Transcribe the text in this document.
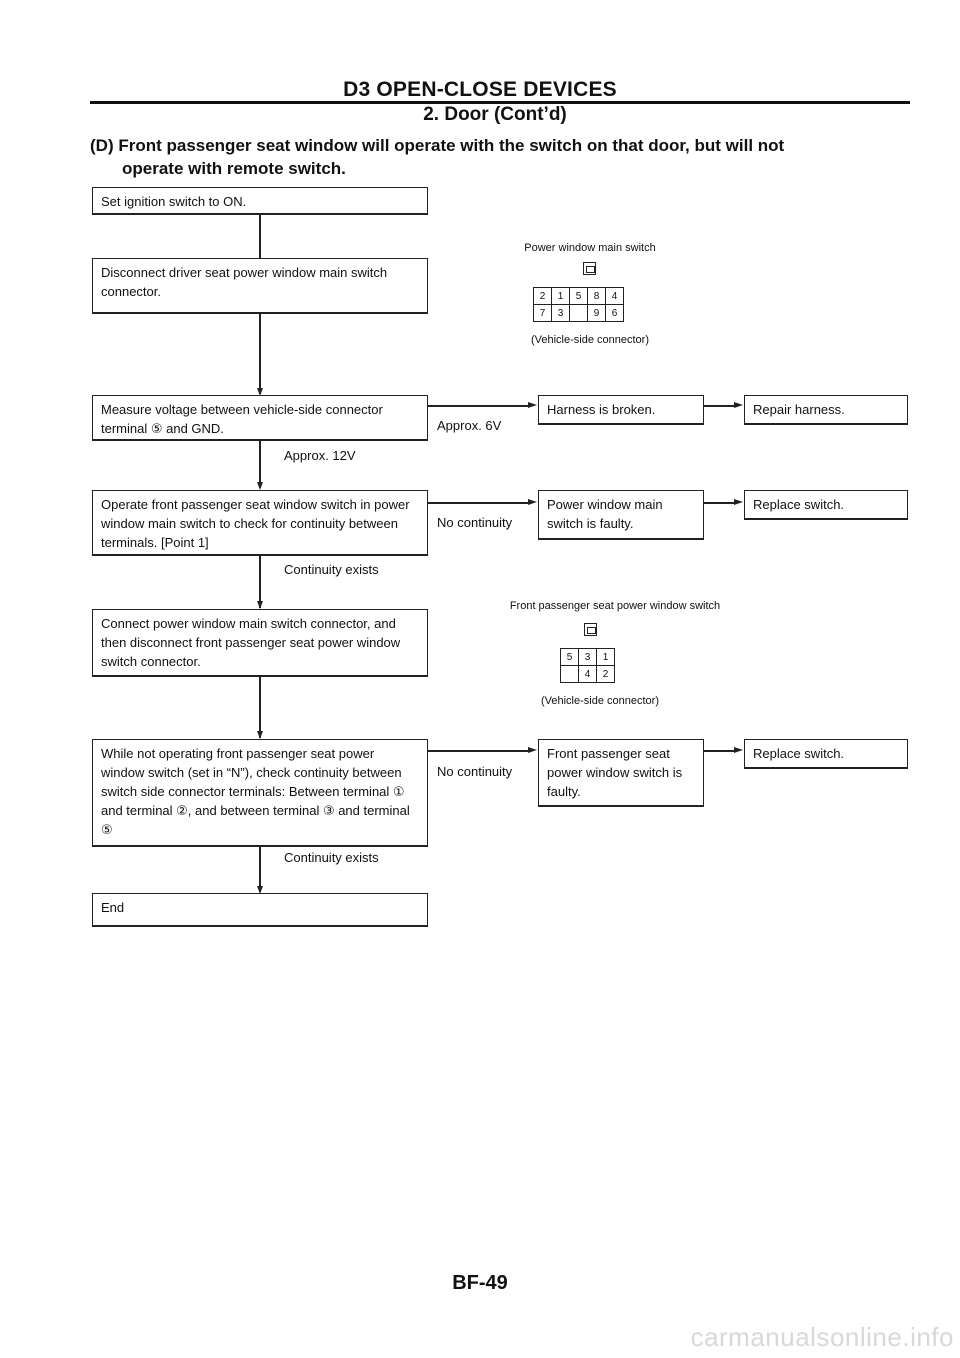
D3 OPEN-CLOSE DEVICES
2. Door (Cont’d)
(D) Front passenger seat window will operate with the switch on that door, but will not
operate with remote switch.
Set ignition switch to ON.
Disconnect driver seat power window main switch connector.
Measure voltage between vehicle-side connector terminal ⑤ and GND.
Operate front passenger seat window switch in power window main switch to check for continuity between terminals. [Point 1]
Connect power window main switch connector, and then disconnect front passenger seat power window switch connector.
While not operating front passenger seat power window switch (set in “N”), check continuity between switch side connector terminals: Between terminal ① and terminal ②, and between terminal ③ and terminal ⑤
End
Approx. 12V
Continuity exists
Continuity exists
Approx. 6V
Harness is broken.	Repair harness.
No continuity
Power window main switch is faulty.
Replace switch.
No continuity
Front passenger seat power window switch is faulty.
Replace switch.
Power window main switch
2	1	5	8	4
7	3		9	6
(Vehicle-side connector)
Front passenger seat power window switch
5	3	1
	4	2
(Vehicle-side connector)
BF-49
carmanualsonline.info
